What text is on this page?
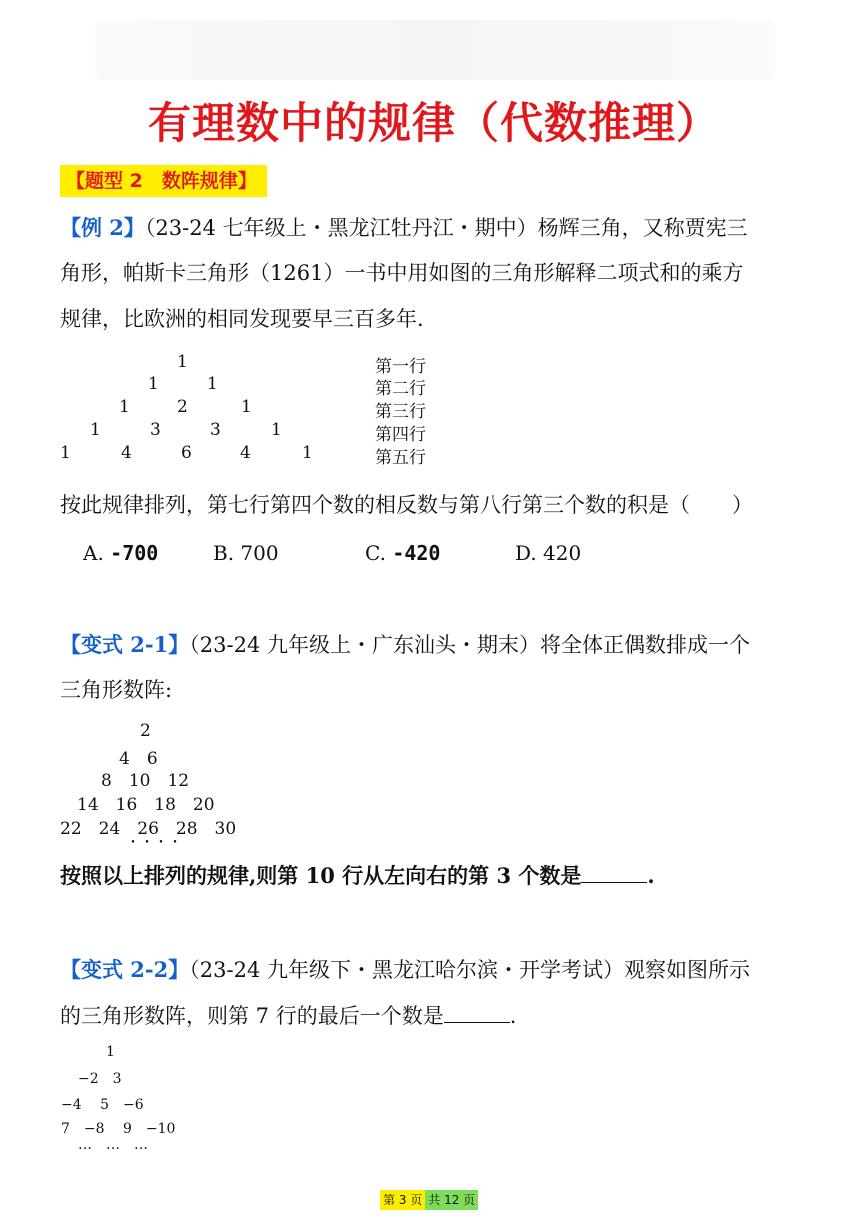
有理数中的规律（代数推理）
【题型 2　数阵规律】
【例 2】（23-24 七年级上・黑龙江牡丹江・期中）杨辉三角，又称贾宪三
角形，帕斯卡三角形（1261）一书中用如图的三角形解释二项式和的乘方
规律，比欧洲的相同发现要早三百多年.
1
1	1
1	2	1
1	3	3	1
1	4	6	4	1
第一行
第二行
第三行
第四行
第五行
按此规律排列，第七行第四个数的相反数与第八行第三个数的积是（　　）
A. -700	B. 700	C. -420	D. 420
【变式 2-1】（23-24 九年级上・广东汕头・期末）将全体正偶数排成一个
三角形数阵:
2
4　6
8　10　12
14　16　18　20
22　24　26　28　30
・・・・
按照以上排列的规律,则第 10 行从左向右的第 3 个数是	.
【变式 2-2】（23-24 九年级下・黑龙江哈尔滨・开学考试）观察如图所示
的三角形数阵，则第 7 行的最后一个数是	.
1
−2　3
−4　 5　−6
7　−8　 9　−10
…　…　…
第 3 页 共 12 页
